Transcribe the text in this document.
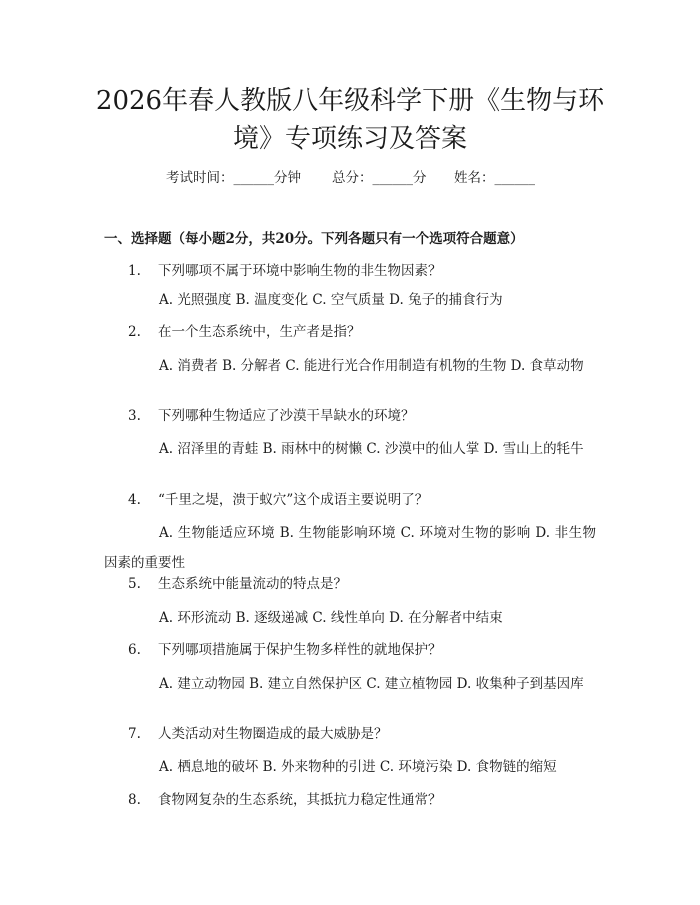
2026年春人教版八年级科学下册《生物与环
境》专项练习及答案
考试时间：______分钟 总分：______分 姓名：______
一、选择题（每小题2分，共20分。下列各题只有一个选项符合题意）
1. 下列哪项不属于环境中影响生物的非生物因素？
A. 光照强度 B. 温度变化 C. 空气质量 D. 兔子的捕食行为
2. 在一个生态系统中，生产者是指？
A. 消费者 B. 分解者 C. 能进行光合作用制造有机物的生物 D. 食草动物
3. 下列哪种生物适应了沙漠干旱缺水的环境？
A. 沼泽里的青蛙 B. 雨林中的树懒 C. 沙漠中的仙人掌 D. 雪山上的牦牛
4. “千里之堤，溃于蚁穴”这个成语主要说明了？
A. 生物能适应环境 B. 生物能影响环境 C. 环境对生物的影响 D. 非生物因素的重要性
5. 生态系统中能量流动的特点是？
A. 环形流动 B. 逐级递减 C. 线性单向 D. 在分解者中结束
6. 下列哪项措施属于保护生物多样性的就地保护？
A. 建立动物园 B. 建立自然保护区 C. 建立植物园 D. 收集种子到基因库
7. 人类活动对生物圈造成的最大威胁是？
A. 栖息地的破坏 B. 外来物种的引进 C. 环境污染 D. 食物链的缩短
8. 食物网复杂的生态系统，其抵抗力稳定性通常？
